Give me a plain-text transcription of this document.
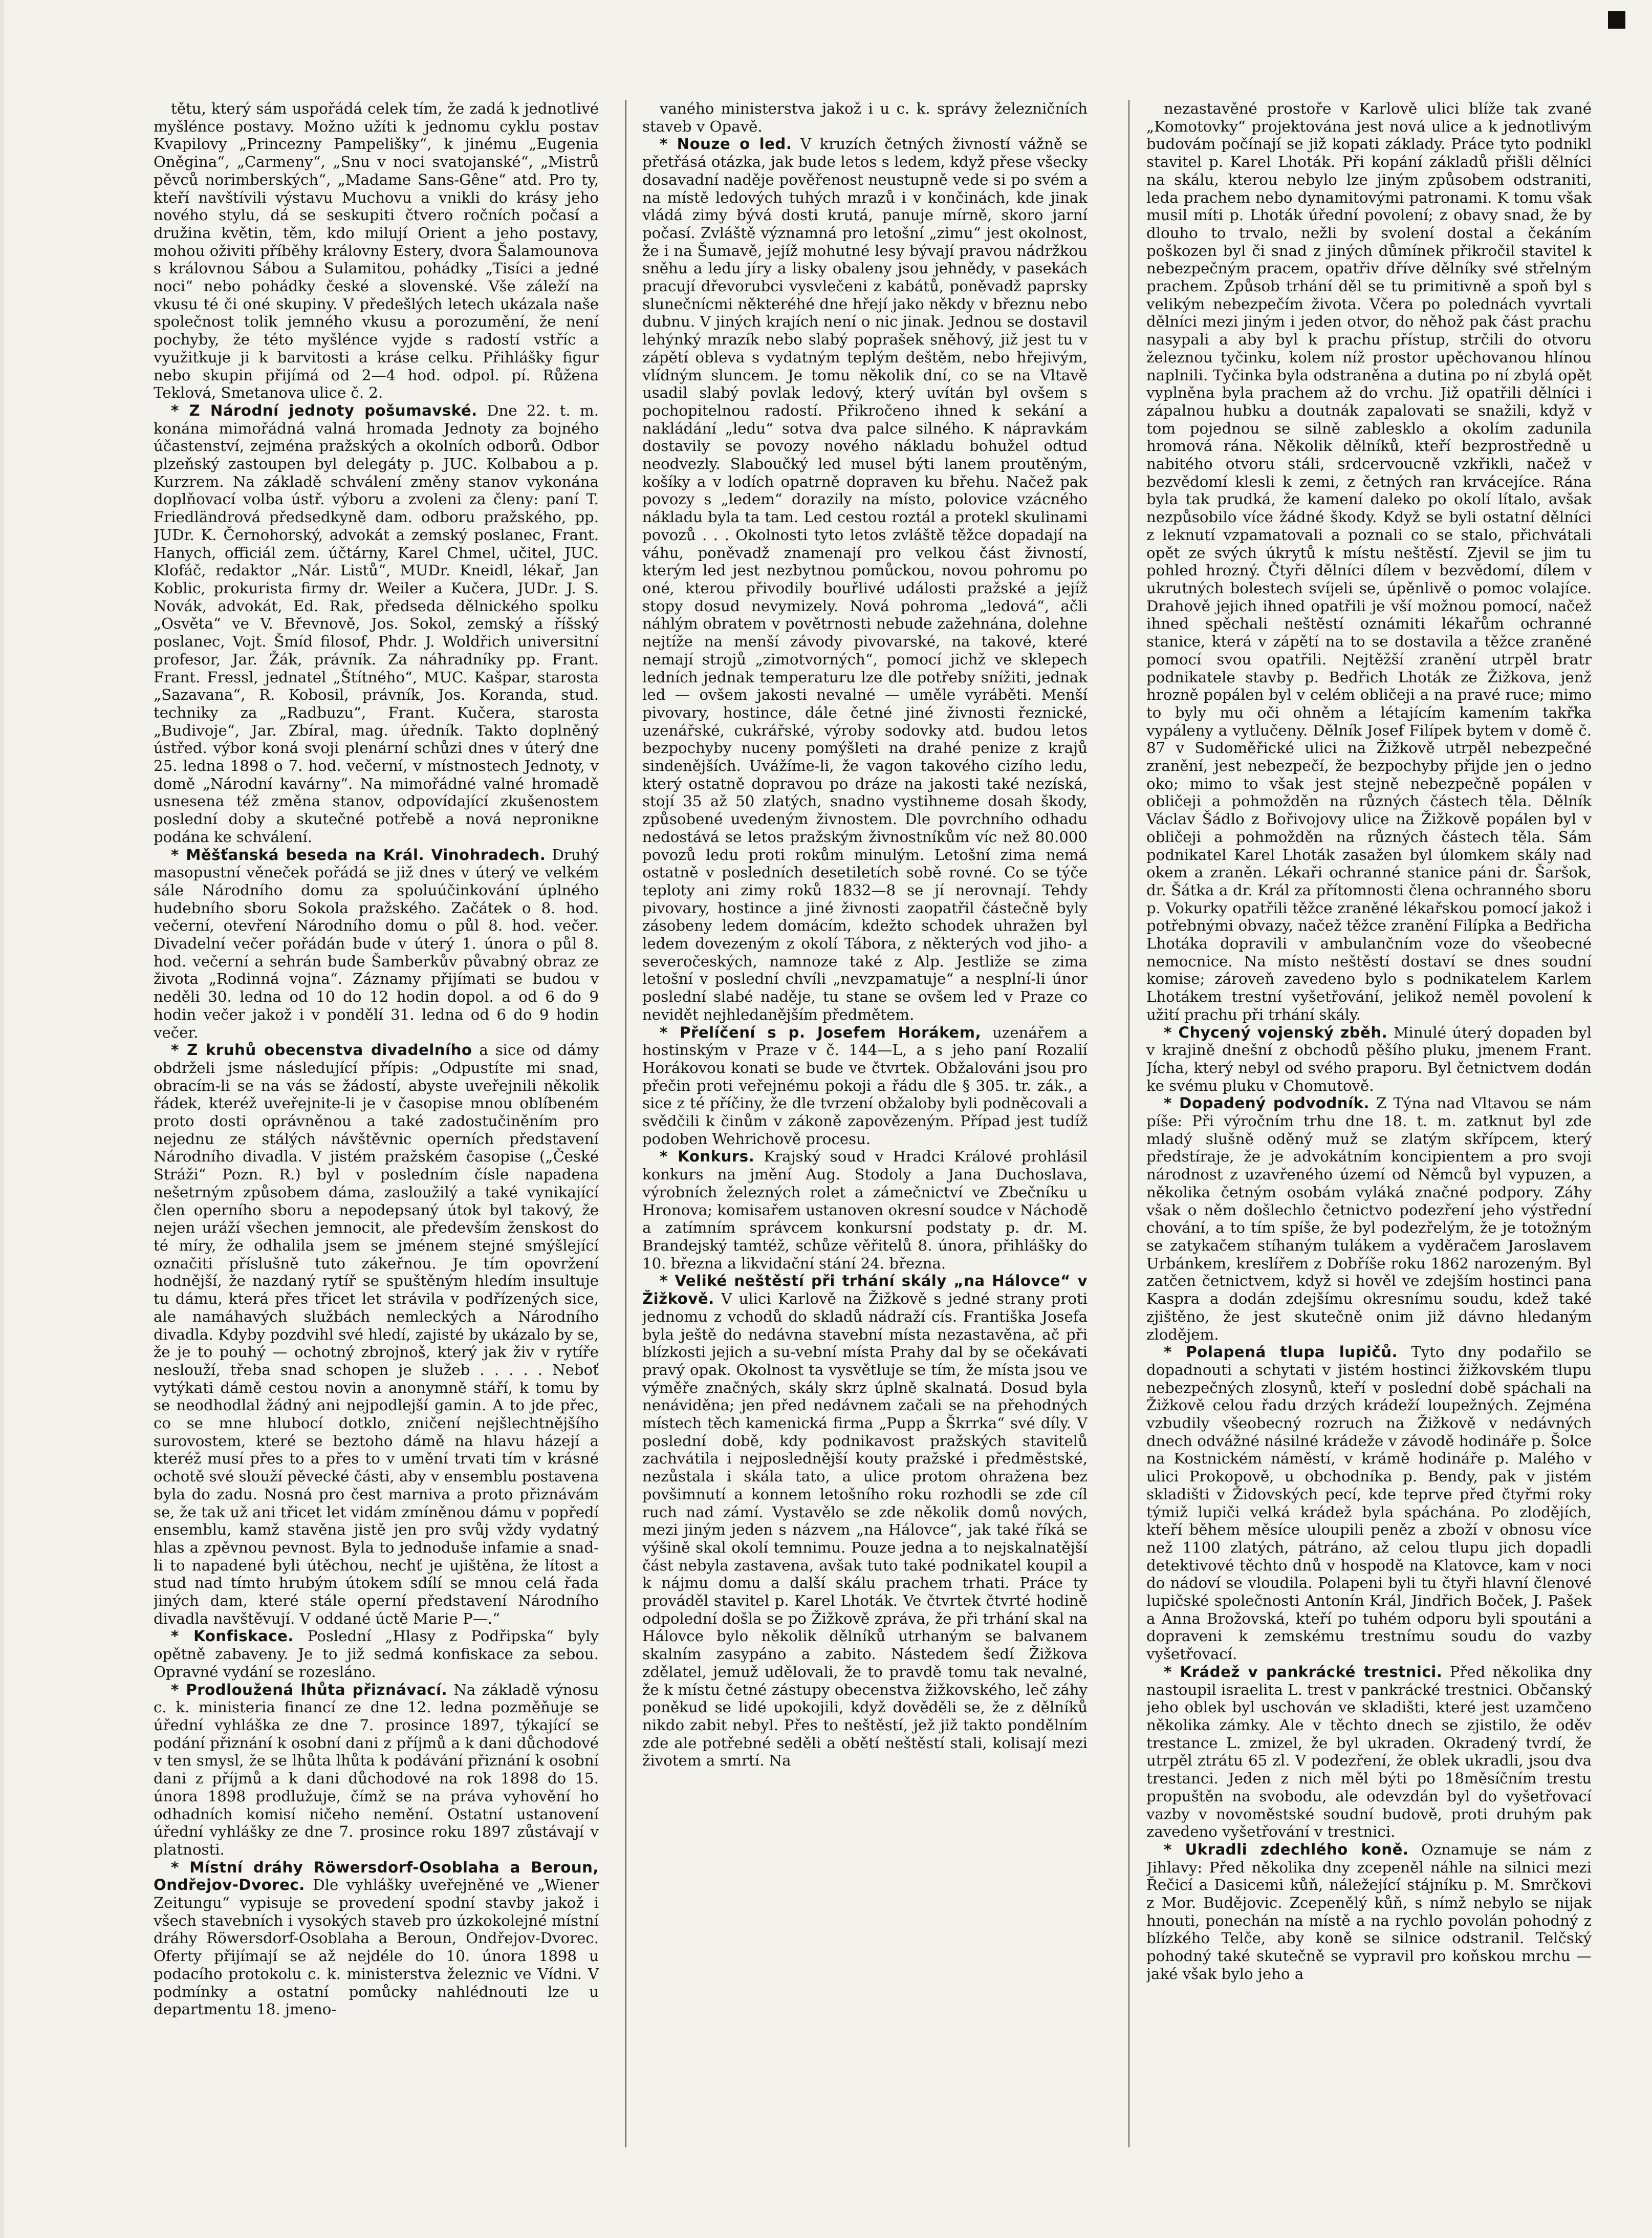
tětu, který sám uspořádá celek tím, že zadá k jednotlivé myšlénce postavy. Možno užíti k jednomu cyklu postav Kvapilovy „Princezny Pampelišky“, k jinému „Eugenia Oněgina“, „Carmeny“, „Snu v noci svatojanské“, „Mistrů pěvců norimberských“, „Madame Sans-Gêne“ atd. Pro ty, kteří navštívili výstavu Muchovu a vnikli do krásy jeho nového stylu, dá se seskupiti čtvero ročních počasí a družina květin, těm, kdo milují Orient a jeho postavy, mohou oživiti příběhy královny Estery, dvora Šalamounova s královnou Sábou a Sulamitou, pohádky „Tisíci a jedné noci“ nebo pohádky české a slovenské. Vše záleží na vkusu té či oné skupiny. V předešlých letech ukázala naše společnost tolik jemného vkusu a porozumění, že není pochyby, že této myšlénce vyjde s radostí vstříc a využitkuje ji k barvitosti a kráse celku. Přihlášky figur nebo skupin přijímá od 2—4 hod. odpol. pí. Růžena Teklová, Smetanova ulice č. 2.

* Z Národní jednoty pošumavské. Dne 22. t. m. konána mimořádná valná hromada Jednoty za bojného účastenství, zejména pražských a okolních odborů. Odbor plzeňský zastoupen byl delegáty p. JUC. Kolbabou a p. Kurzrem. Na základě schválení změny stanov vykonána doplňovací volba ústř. výboru a zvoleni za členy: paní T. Friedländrová předsedkyně dam. odboru pražského, pp. JUDr. K. Černohorský, advokát a zemský poslanec, Frant. Hanych, officiál zem. účtárny, Karel Chmel, učitel, JUC. Klofáč, redaktor „Nár. Listů“, MUDr. Kneidl, lékař, Jan Koblic, prokurista firmy dr. Weiler a Kučera, JUDr. J. S. Novák, advokát, Ed. Rak, předseda dělnického spolku „Osvěta“ ve V. Břevnově, Jos. Sokol, zemský a říšský poslanec, Vojt. Šmíd filosof, Phdr. J. Woldřich universitní profesor, Jar. Žák, právník. Za náhradníky pp. Frant. Frant. Fressl, jednatel „Štítného“, MUC. Kašpar, starosta „Sazavana“, R. Kobosil, právník, Jos. Koranda, stud. techniky za „Radbuzu“, Frant. Kučera, starosta „Budivoje“, Jar. Zbíral, mag. úředník. Takto doplněný ústřed. výbor koná svoji plenární schůzi dnes v úterý dne 25. ledna 1898 o 7. hod. večerní, v místnostech Jednoty, v domě „Národní kavárny“. Na mimořádné valné hromadě usnesena též změna stanov, odpovídající zkušenostem poslední doby a skutečné potřebě a nová nepronikne podána ke schválení.

* Měšťanská beseda na Král. Vinohradech. Druhý masopustní věneček pořádá se již dnes v úterý ve velkém sále Národního domu za spoluúčinkování úplného hudebního sboru Sokola pražského. Začátek o 8. hod. večerní, otevření Národního domu o půl 8. hod. večer. Divadelní večer pořádán bude v úterý 1. února o půl 8. hod. večerní a sehrán bude Šamberkův půvabný obraz ze života „Rodinná vojna“. Záznamy přijímati se budou v neděli 30. ledna od 10 do 12 hodin dopol. a od 6 do 9 hodin večer jakož i v pondělí 31. ledna od 6 do 9 hodin večer.

* Z kruhů obecenstva divadelního a sice od dámy obdrželi jsme následující přípis: „Odpustíte mi snad, obracím-li se na vás se žádostí, abyste uveřejnili několik řádek, kteréž uveřejnite-li je v časopise mnou oblíbeném proto dosti oprávněnou a také zadostučiněním pro nejednu ze stálých návštěvnic operních představení Národního divadla. V jistém pražském časopise („České Stráži“ Pozn. R.) byl v posledním čísle napadena nešetrným způsobem dáma, zasloužilý a také vynikající člen operního sboru a nepodepsaný útok byl takový, že nejen uráží všechen jemnocit, ale především ženskost do té míry, že odhalila jsem se jménem stejné smýšlející označiti příslušně tuto zákeřnou. Je tím opovržení hodnější, že nazdaný rytíř se spuštěným hledím insultuje tu dámu, která přes třicet let strávila v podřízených sice, ale namáhavých službách nemleckých a Národního divadla. Kdyby pozdvihl své hledí, zajisté by ukázalo by se, že je to pouhý — ochotný zbrojnoš, který jak živ v rytíře neslouží, třeba snad schopen je služeb . . . . . Neboť vytýkati dámě cestou novin a anonymně stáří, k tomu by se neodhodlal žádný ani nejpodlejší gamin. A to jde přec, co se mne hlubocí dotklo, zničení nejšlechtnějšího surovostem, které se beztoho dámě na hlavu házejí a kteréž musí přes to a přes to v umění trvati tím v krásné ochotě své slouží pěvecké části, aby v ensemblu postavena byla do zadu. Nosná pro čest marniva a proto přiznávám se, že tak už ani třicet let vidám zmíněnou dámu v popředí ensemblu, kamž stavěna jistě jen pro svůj vždy vydatný hlas a zpěvnou pevnost. Byla to jednoduše infamie a snad-li to napadené byli útěchou, nechť je ujištěna, že lítost a stud nad tímto hrubým útokem sdílí se mnou celá řada jiných dam, které stále operní představení Národního divadla navštěvují. V oddané úctě Marie P—.“

* Konfiskace. Poslední „Hlasy z Podřipska“ byly opětně zabaveny. Je to již sedmá konfiskace za sebou. Opravné vydání se rozesláno.

* Prodloužená lhůta přiznávací. Na základě výnosu c. k. ministeria financí ze dne 12. ledna pozměňuje se úřední vyhláška ze dne 7. prosince 1897, týkající se podání přiznání k osobní dani z příjmů a k dani důchodové v ten smysl, že se lhůta lhůta k podávání přiznání k osobní dani z příjmů a k dani důchodové na rok 1898 do 15. února 1898 prodlužuje, čímž se na práva vyhovění ho odhadních komisí ničeho nemění. Ostatní ustanovení úřední vyhlášky ze dne 7. prosince roku 1897 zůstávají v platnosti.

* Místní dráhy Röwersdorf-Osoblaha a Beroun, Ondřejov-Dvorec. Dle vyhlášky uveřejněné ve „Wiener Zeitungu“ vypisuje se provedení spodní stavby jakož i všech stavebních i vysokých staveb pro úzkokolejné místní dráhy Röwersdorf-Osoblaha a Beroun, Ondřejov-Dvorec. Oferty přijímají se až nejdéle do 10. února 1898 u podacího protokolu c. k. ministerstva železnic ve Vídni. V podmínky a ostatní pomůcky nahlédnouti lze u departmentu 18. jmeno-

vaného ministerstva jakož i u c. k. správy železničních staveb v Opavě.

* Nouze o led. V kruzích četných živností vážně se přetřásá otázka, jak bude letos s ledem, když přese všecky dosavadní naděje pověřenost neustupně vede si po svém a na místě ledových tuhých mrazů i v končinách, kde jinak vládá zimy bývá dosti krutá, panuje mírně, skoro jarní počasí. Zvláště významná pro letošní „zimu“ jest okolnost, že i na Šumavě, jejíž mohutné lesy bývají pravou nádržkou sněhu a ledu jíry a lisky obaleny jsou jehnědy, v pasekách pracují dřevorubci vysvlečeni z kabátů, poněvadž paprsky slunečnícmi některéhé dne hřejí jako někdy v březnu nebo dubnu. V jiných krajích není o nic jinak. Jednou se dostavil lehýnký mrazík nebo slabý poprašek sněhový, již jest tu v zápětí obleva s vydatným teplým deštěm, nebo hřejivým, vlídným sluncem. Je tomu několik dní, co se na Vltavě usadil slabý povlak ledový, který uvítán byl ovšem s pochopitelnou radostí. Přikročeno ihned k sekání a nakládání „ledu“ sotva dva palce silného. K nápravkám dostavily se povozy nového nákladu bohužel odtud neodvezly. Slaboučký led musel býti lanem proutěným, košíky a v lodích opatrně dopraven ku břehu. Načež pak povozy s „ledem“ dorazily na místo, polovice vzácného nákladu byla ta tam. Led cestou roztál a protekl skulinami povozů . . . Okolnosti tyto letos zvláště těžce dopadají na váhu, poněvadž znamenají pro velkou část živností, kterým led jest nezbytnou pomůckou, novou pohromu po oné, kterou přivodily bouřlivé události pražské a jejíž stopy dosud nevymizely. Nová pohroma „ledová“, ačli náhlým obratem v povětrnosti nebude zažehnána, dolehne nejtíže na menší závody pivovarské, na takové, které nemají strojů „zimotvorných“, pomocí jichž ve sklepech ledních jednak temperaturu lze dle potřeby snížiti, jednak led — ovšem jakosti nevalné — uměle vyráběti. Menší pivovary, hostince, dále četné jiné živnosti řeznické, uzenářské, cukrářské, výroby sodovky atd. budou letos bezpochyby nuceny pomýšleti na drahé penize z krajů sindenějších. Uvážíme-li, že vagon takového cizího ledu, který ostatně dopravou po dráze na jakosti také nezíská, stojí 35 až 50 zlatých, snadno vystihneme dosah škody, způsobené uvedeným živnostem. Dle povrchního odhadu nedostává se letos pražským živnostníkům víc než 80.000 povozů ledu proti rokům minulým. Letošní zima nemá ostatně v posledních desetiletích sobě rovné. Co se týče teploty ani zimy roků 1832—8 se jí nerovnají. Tehdy pivovary, hostince a jiné živnosti zaopatřil částečně byly zásobeny ledem domácím, kdežto schodek uhražen byl ledem dovezeným z okolí Tábora, z některých vod jiho- a severočeských, namnoze také z Alp. Jestliže se zima letošní v poslední chvíli „nevzpamatuje“ a nesplní-li únor poslední slabé naděje, tu stane se ovšem led v Praze co nevidět nejhledanějším předmětem.

* Přelíčení s p. Josefem Horákem, uzenářem a hostinským v Praze v č. 144—L, a s jeho paní Rozalií Horákovou konati se bude ve čtvrtek. Obžalováni jsou pro přečin proti veřejnému pokoji a řádu dle § 305. tr. zák., a sice z té příčiny, že dle tvrzení obžaloby byli podněcovali a svědčili k činům v zákoně zapovězeným. Případ jest tudíž podoben Wehrichově procesu.

* Konkurs. Krajský soud v Hradci Králové prohlásil konkurs na jmění Aug. Stodoly a Jana Duchoslava, výrobních železných rolet a zámečnictví ve Zbečníku u Hronova; komisařem ustanoven okresní soudce v Náchodě a zatímním správcem konkursní podstaty p. dr. M. Brandejský tamtéž, schůze věřitelů 8. února, přihlášky do 10. března a likvidační stání 24. března.

* Veliké neštěstí při trhání skály „na Hálovce“ v Žižkově. V ulici Karlově na Žižkově s jedné strany proti jednomu z vchodů do skladů nádraží cís. Františka Josefa byla ještě do nedávna stavební místa nezastavěna, ač při blízkosti jejich a su-vební místa Prahy dal by se očekávati pravý opak. Okolnost ta vysvětluje se tím, že místa jsou ve výměře značných, skály skrz úplně skalnatá. Dosud byla nenáviděna; jen před nedávnem začali se na přehodných místech těch kamenická firma „Pupp a Škrrka“ své díly. V poslední době, kdy podnikavost pražských stavitelů zachvátila i nejposlednější kouty pražské i předměstské, nezůstala i skála tato, a ulice protom ohražena bez povšimnutí a konnem letošního roku rozhodli se zde cíl ruch nad zámí. Vystavělo se zde několik domů nových, mezi jiným jeden s názvem „na Hálovce“, jak také říká se výšině skal okolí temnimu. Pouze jedna a to nejskalnatější část nebyla zastavena, avšak tuto také podnikatel koupil a k nájmu domu a další skálu prachem trhati. Práce ty prováděl stavitel p. Karel Lhoták. Ve čtvrtek čtvrté hodině odpolední došla se po Žižkově zpráva, že při trhání skal na Hálovce bylo několik dělníků utrhaným se balvanem skalním zasypáno a zabito. Nástedem šedí Žižkova zdělatel, jemuž udělovali, že to pravdě tomu tak nevalné, že k místu četné zástupy obecenstva žižkovského, leč záhy poněkud se lidé upokojili, když dověděli se, že z dělníků nikdo zabit nebyl. Přes to neštěstí, jež již takto pondělním zde ale potřebné seděli a obětí neštěstí stali, kolisají mezi životem a smrtí. Na

nezastavěné prostoře v Karlově ulici blíže tak zvané „Komotovky“ projektována jest nová ulice a k jednotlivým budovám počínají se již kopati základy. Práce tyto podnikl stavitel p. Karel Lhoták. Při kopání základů přišli dělníci na skálu, kterou nebylo lze jiným způsobem odstraniti, leda prachem nebo dynamitovými patronami. K tomu však musil míti p. Lhoták úřední povolení; z obavy snad, že by dlouho to trvalo, nežli by svolení dostal a čekáním poškozen byl či snad z jiných důmínek přikročil stavitel k nebezpečným pracem, opatřiv dříve dělníky své střelným prachem. Způsob trhání děl se tu primitivně a spoň byl s velikým nebezpečím života. Včera po polednách vyvrtali dělníci mezi jiným i jeden otvor, do něhož pak část prachu nasypali a aby byl k prachu přístup, strčili do otvoru železnou tyčinku, kolem níž prostor upěchovanou hlínou naplnili. Tyčinka byla odstraněna a dutina po ní zbylá opět vyplněna byla prachem až do vrchu. Již opatřili dělníci i zápalnou hubku a doutnák zapalovati se snažili, když v tom pojednou se silně zablesklo a okolím zadunila hromová rána. Několik dělníků, kteří bezprostředně u nabitého otvoru stáli, srdcervoucně vzkřikli, načež v bezvědomí klesli k zemi, z četných ran krvácejíce. Rána byla tak prudká, že kamení daleko po okolí lítalo, avšak nezpůsobilo více žádné škody. Když se byli ostatní dělníci z leknutí vzpamatovali a poznali co se stalo, přichvátali opět ze svých úkrytů k místu neštěstí. Zjevil se jim tu pohled hrozný. Čtyři dělníci dílem v bezvědomí, dílem v ukrutných bolestech svíjeli se, úpěnlivě o pomoc volajíce. Drahově jejich ihned opatřili je vší možnou pomocí, načež ihned spěchali neštěstí oznámiti lékařům ochranné stanice, která v zápětí na to se dostavila a těžce zraněné pomocí svou opatřili. Nejtěžší zranění utrpěl bratr podnikatele stavby p. Bedřich Lhoták ze Žižkova, jenž hrozně popálen byl v celém obličeji a na pravé ruce; mimo to byly mu oči ohněm a létajícím kamením takřka vypáleny a vytlučeny. Dělník Josef Filípek bytem v domě č. 87 v Sudoměřické ulici na Žižkově utrpěl nebezpečné zranění, jest nebezpečí, že bezpochyby přijde jen o jedno oko; mimo to však jest stejně nebezpečně popálen v obličeji a pohmožděn na různých částech těla. Dělník Václav Šádlo z Bořivojovy ulice na Žižkově popálen byl v obličeji a pohmožděn na různých částech těla. Sám podnikatel Karel Lhoták zasažen byl úlomkem skály nad okem a zraněn. Lékaři ochranné stanice páni dr. Šaršok, dr. Šátka a dr. Král za přítomnosti člena ochranného sboru p. Vokurky opatřili těžce zraněné lékařskou pomocí jakož i potřebnými obvazy, načež těžce zranění Filípka a Bedřicha Lhotáka dopravili v ambulančním voze do všeobecné nemocnice. Na místo neštěstí dostaví se dnes soudní komise; zároveň zavedeno bylo s podnikatelem Karlem Lhotákem trestní vyšetřování, jelikož neměl povolení k užití prachu při trhání skály.

* Chycený vojenský zběh. Minulé úterý dopaden byl v krajině dnešní z obchodů pěšího pluku, jmenem Frant. Jícha, který nebyl od svého praporu. Byl četnictvem dodán ke svému pluku v Chomutově.

* Dopadený podvodník. Z Týna nad Vltavou se nám píše: Při výročním trhu dne 18. t. m. zatknut byl zde mladý slušně oděný muž se zlatým skřípcem, který předstíraje, že je advokátním koncipientem a pro svoji národnost z uzavřeného území od Němců byl vypuzen, a několika četným osobám vyláká značné podpory. Záhy však o něm došlechlo četnictvo podezření jeho výstřední chování, a to tím spíše, že byl podezřelým, že je totožným se zatykačem stíhaným tulákem a vyděračem Jaroslavem Urbánkem, kreslířem z Dobříše roku 1862 narozeným. Byl zatčen četnictvem, když si hověl ve zdejším hostinci pana Kaspra a dodán zdejšímu okresnímu soudu, kdež také zjištěno, že jest skutečně onim již dávno hledaným zlodějem.

* Polapená tlupa lupičů. Tyto dny podařilo se dopadnouti a schytati v jistém hostinci žižkovském tlupu nebezpečných zlosynů, kteří v poslední době spáchali na Žižkově celou řadu drzých krádeží loupežných. Zejména vzbudily všeobecný rozruch na Žižkově v nedávných dnech odvážné násilné krádeže v závodě hodináře p. Šolce na Kostnickém náměstí, v krámě hodináře p. Malého v ulici Prokopově, u obchodníka p. Bendy, pak v jistém skladišti v Židovských pecí, kde teprve před čtyřmi roky týmiž lupiči velká krádež byla spáchána. Po zlodějích, kteří během měsíce uloupili peněz a zboží v obnosu více než 1100 zlatých, pátráno, až celou tlupu jich dopadli detektivové těchto dnů v hospodě na Klatovce, kam v noci do nádoví se vloudila. Polapeni byli tu čtyři hlavní členové lupičské společnosti Antonín Král, Jindřich Boček, J. Pašek a Anna Brožovská, kteří po tuhém odporu byli spoutáni a dopraveni k zemskému trestnímu soudu do vazby vyšetřovací.

* Krádež v pankrácké trestnici. Před několika dny nastoupil israelita L. trest v pankrácké trestnici. Občanský jeho oblek byl uschován ve skladišti, které jest uzamčeno několika zámky. Ale v těchto dnech se zjistilo, že oděv trestance L. zmizel, že byl ukraden. Okradený tvrdí, že utrpěl ztrátu 65 zl. V podezření, že oblek ukradli, jsou dva trestanci. Jeden z nich měl býti po 18měsíčním trestu propuštěn na svobodu, ale odevzdán byl do vyšetřovací vazby v novoměstské soudní budově, proti druhým pak zavedeno vyšetřování v trestnici.

* Ukradli zdechlého koně. Oznamuje se nám z Jihlavy: Před několika dny zcepeněl náhle na silnici mezi Řečicí a Dasicemi kůň, náležející stájníku p. M. Smrčkovi z Mor. Budějovic. Zcepenělý kůň, s nímž nebylo se nijak hnouti, ponechán na místě a na rychlo povolán pohodný z blízkého Telče, aby koně se silnice odstranil. Telčský pohodný také skutečně se vypravil pro koňskou mrchu — jaké však bylo jeho a
